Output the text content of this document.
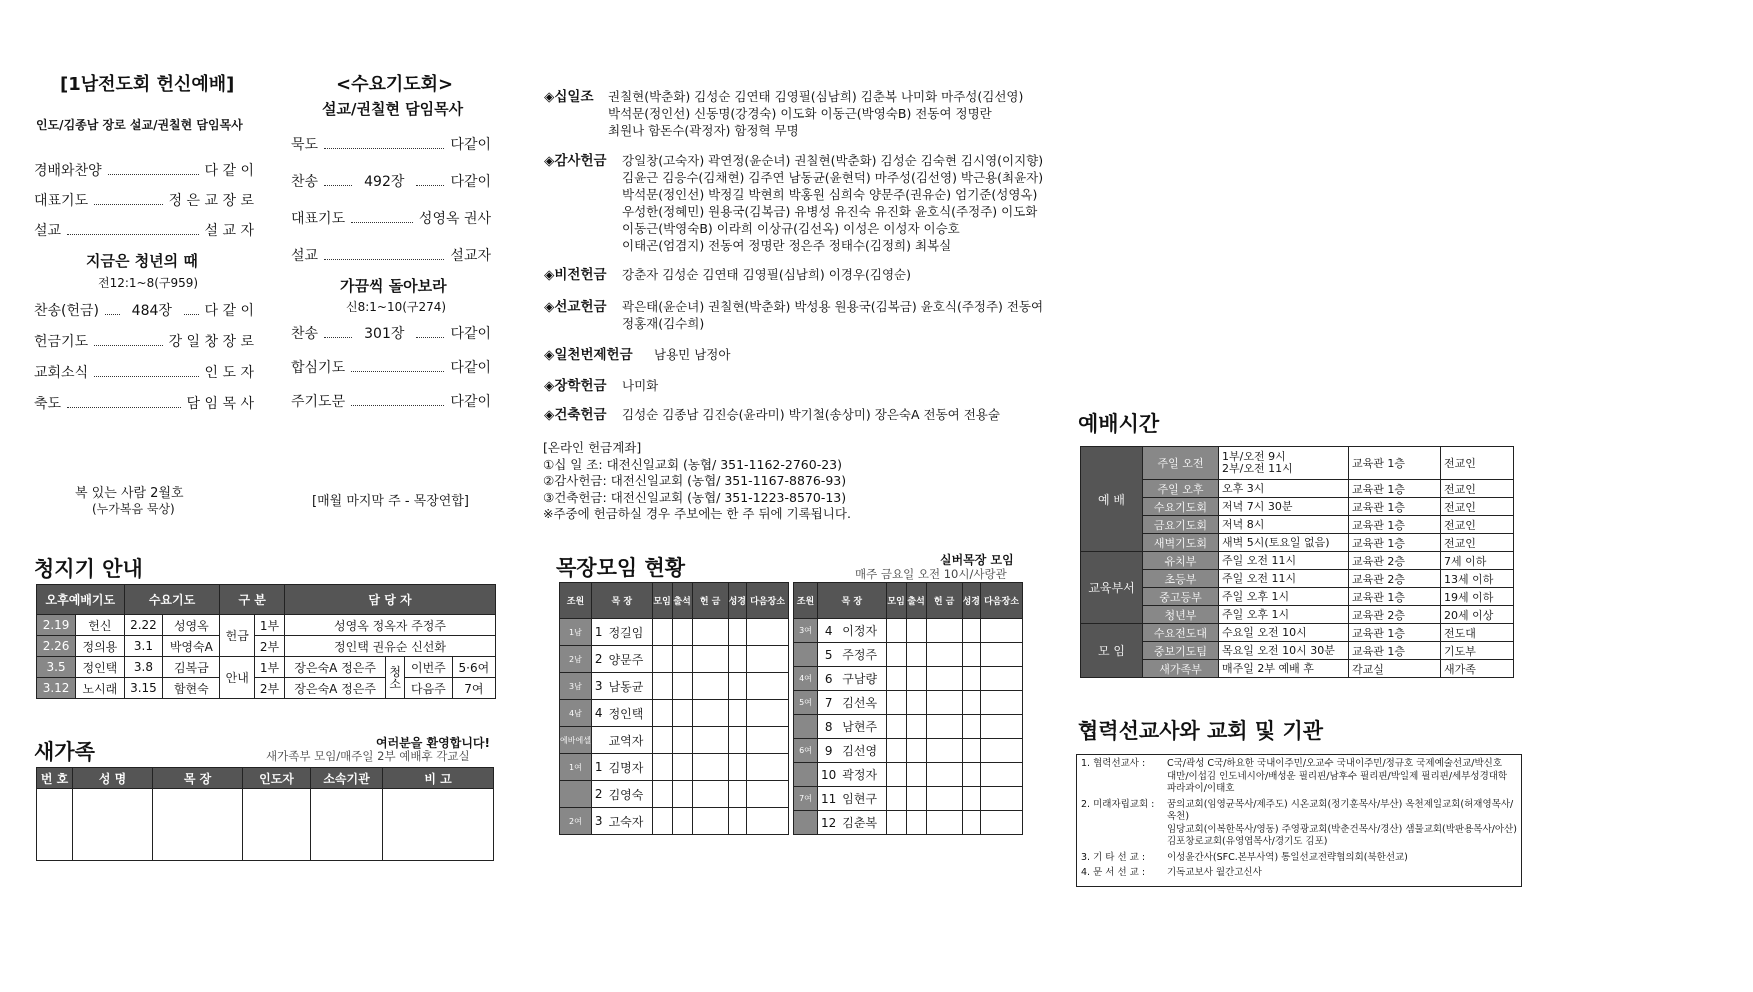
[1남전도회 헌신예배]
인도/김종남 장로 설교/권칠현 담임목사
경배와찬양	다 같 이
대표기도	정 은 교 장 로
설교	설 교 자
지금은 청년의 때
전12:1~8(구959)
찬송(헌금)	484장	다 같 이
헌금기도	강 일 창 장 로
교회소식	인 도 자
축도	담 임 목 사
복 있는 사람 2월호
(누가복음 묵상)
<수요기도회>
설교/권칠현 담임목사
묵도	다같이
찬송	492장	다같이
대표기도	성영옥 권사
설교	설교자
가끔씩 돌아보라
신8:1~10(구274)
찬송	301장	다같이
합심기도	다같이
주기도문	다같이
[매월 마지막 주 - 목장연합]
◈십일조 권칠현(박춘화) 김성순 김연태 김영필(심남희) 김춘복 나미화 마주성(김선영)
박석문(정인선) 신동명(강경숙) 이도화 이동근(박영숙B) 전동여 정명란
최원나 함돈수(곽정자) 함정혁 무명
◈감사헌금 강일창(고숙자) 곽연정(윤순녀) 권칠현(박춘화) 김성순 김숙현 김시영(이지향)
김윤근 김응수(김채현) 김주연 남동균(윤현덕) 마주성(김선영) 박근용(최윤자)
박석문(정인선) 박정길 박현희 박홍원 심희숙 양문주(권유순) 엄기준(성영옥)
우성한(정혜민) 원용국(김복금) 유병성 유진숙 유진화 윤호식(주정주) 이도화
이동근(박영숙B) 이라희 이상규(김선옥) 이성은 이성자 이승호
이태곤(엄겸지) 전동여 정명란 정은주 정태수(김정희) 최복실
◈비전헌금 강춘자 김성순 김연태 김영필(심남희) 이경우(김영순)
◈선교헌금 곽은태(윤순녀) 권칠현(박춘화) 박성용 원용국(김복금) 윤호식(주정주) 전동여
정홍재(김수희)
◈일천번제헌금 남용민 남정아
◈장학헌금 나미화
◈건축헌금 김성순 김종남 김진승(윤라미) 박기철(송상미) 장은숙A 전동여 전용술
[온라인 헌금계좌]
①십 일 조: 대전신일교회 (농협/ 351-1162-2760-23)
②감사헌금: 대전신일교회 (농협/ 351-1167-8876-93)
③건축헌금: 대전신일교회 (농협/ 351-1223-8570-13)
※주중에 헌금하실 경우 주보에는 한 주 뒤에 기록됩니다.
청지기 안내
오후예배기도		수요기도		구 분		담 당 자			
2.19	헌신	2.22	성영옥	헌금	1부	성영옥 정옥자 주정주			
2.26	정의용	3.1	박영숙A		2부	정인택 권유순 신선화			
3.5	정인택	3.8	김복금	안내	1부	장은숙A 정은주	청소	이번주	5·6여
3.12	노시래	3.15	함현숙		2부	장은숙A 정은주		다음주	7여
새가족	여러분을 환영합니다!
새가족부 모임/매주일 2부 예배후 각교실
번 호	성 명	목 장	인도자	소속기관	비 고

목장모임 현황	실버목장 모임
매주 금요일 오전 10시/사랑관
조원	목 장		모임	출석	헌 금	성경	다음장소
1남	1	정길임					
2남	2	양문주					
3남	3	남동균					
4남	4	정인택					
에바에셀		교역자					
1여	1	김명자					
	2	김영숙					
2여	3	고숙자					
조원	목 장		모임	출석	헌 금	성경	다음장소
3여	4	이정자					
	5	주정주					
4여	6	구남량					
5여	7	김선옥					
	8	남현주					
6여	9	김선영					
	10	곽정자					
7여	11	임현구					
	12	김춘복					
예배시간
예 배	주일 오전	1부/오전 9시
2부/오전 11시	교육관 1층	전교인
	주일 오후	오후 3시	교육관 1층	전교인
	수요기도회	저녁 7시 30분	교육관 1층	전교인
	금요기도회	저녁 8시	교육관 1층	전교인
	새벽기도회	새벽 5시(토요일 없음)	교육관 1층	전교인
교육부서	유치부	주일 오전 11시	교육관 2층	7세 이하
	초등부	주일 오전 11시	교육관 2층	13세 이하
	중고등부	주일 오후 1시	교육관 1층	19세 이하
	청년부	주일 오후 1시	교육관 2층	20세 이상
모 임	수요전도대	수요일 오전 10시	교육관 1층	전도대
	중보기도팀	목요일 오전 10시 30분	교육관 1층	기도부
	새가족부	매주일 2부 예배 후	각교실	새가족
협력선교사와 교회 및 기관
1. 협력선교사 :	C국/곽성 C국/하요한 국내이주민/오교수 국내이주민/정규호 국제예술선교/박신호
대만/이섭김 인도네시아/배성운 필리핀/남후수 필리핀/박일제 필리핀/세부성경대학
파라과이/이태호
2. 미래자립교회 :	꿈의교회(임영균목사/제주도) 시온교회(정기훈목사/부산) 옥천제일교회(허재영목사/옥천)
임당교회(이복한목사/영동) 주영광교회(박춘건목사/경산) 샘물교회(박판용목사/아산)
김포창로교회(유영엽목사/경기도 김포)
3. 기 타 선 교 :	이성윤간사(SFC.본부사역) 통일선교전략협의회(북한선교)
4. 문 서 선 교 :	기독교보사 월간고신사
